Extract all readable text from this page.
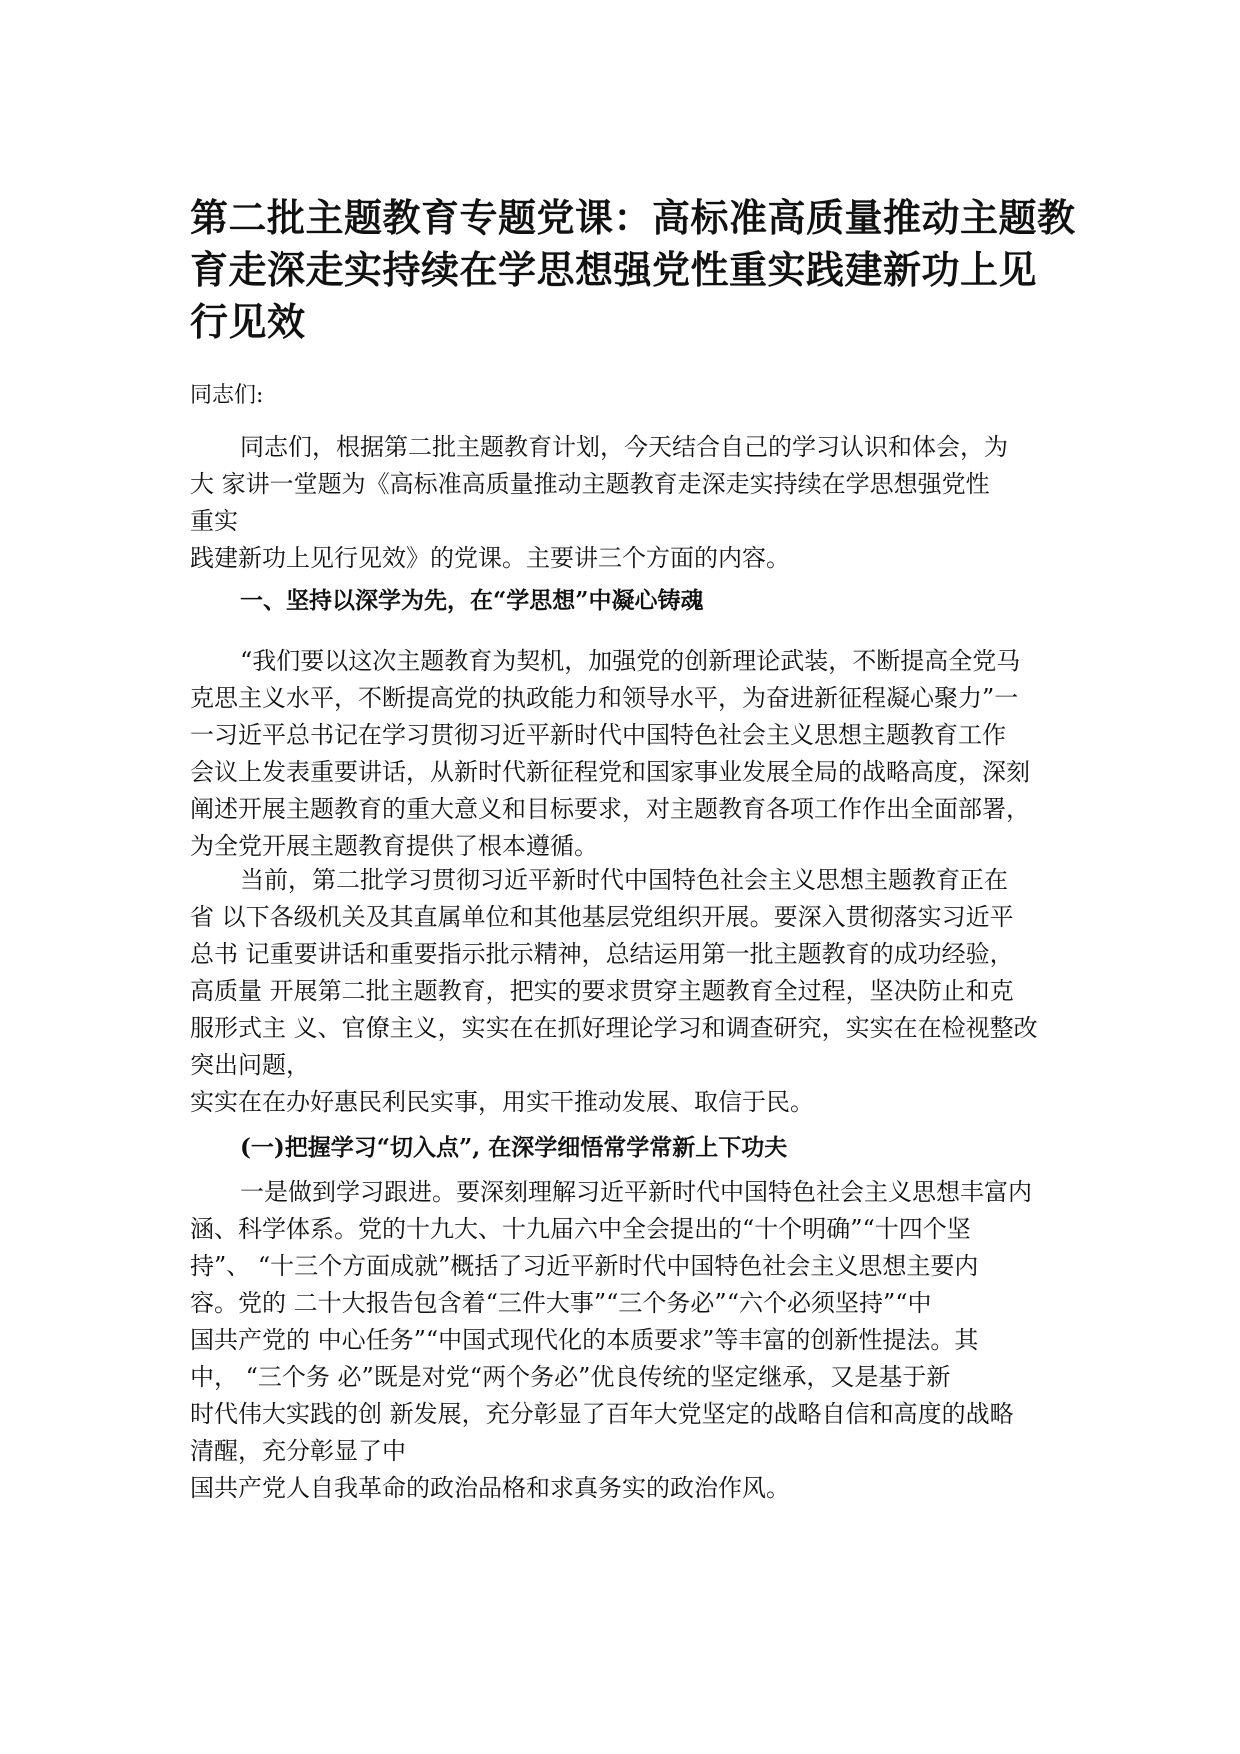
第二批主题教育专题党课：高标准高质量推动主题教
育走深走实持续在学思想强党性重实践建新功上见
行见效

同志们:

同志们，根据第二批主题教育计划，今天结合自己的学习认识和体会，为
大 家讲一堂题为《高标准高质量推动主题教育走深走实持续在学思想强党性
重实
践建新功上见行见效》的党课。主要讲三个方面的内容。

一、坚持以深学为先，在“学思想”中凝心铸魂

“我们要以这次主题教育为契机，加强党的创新理论武装，不断提高全党马
克思主义水平，不断提高党的执政能力和领导水平，为奋进新征程凝心聚力”一
一习近平总书记在学习贯彻习近平新时代中国特色社会主义思想主题教育工作
会议上发表重要讲话，从新时代新征程党和国家事业发展全局的战略高度，深刻
阐述开展主题教育的重大意义和目标要求，对主题教育各项工作作出全面部署，
为全党开展主题教育提供了根本遵循。

当前，第二批学习贯彻习近平新时代中国特色社会主义思想主题教育正在
省 以下各级机关及其直属单位和其他基层党组织开展。要深入贯彻落实习近平
总书 记重要讲话和重要指示批示精神，总结运用第一批主题教育的成功经验，
高质量 开展第二批主题教育，把实的要求贯穿主题教育全过程，坚决防止和克
服形式主 义、官僚主义，实实在在抓好理论学习和调查研究，实实在在检视整改
突出问题，
实实在在办好惠民利民实事，用实干推动发展、取信于民。

(一)把握学习“切入点”, 在深学细悟常学常新上下功夫

一是做到学习跟进。要深刻理解习近平新时代中国特色社会主义思想丰富内
涵、科学体系。党的十九大、十九届六中全会提出的“十个明确”“十四个坚
持”、 “十三个方面成就”概括了习近平新时代中国特色社会主义思想主要内
容。党的 二十大报告包含着“三件大事”“三个务必”“六个必须坚持”“中
国共产党的 中心任务”“中国式现代化的本质要求”等丰富的创新性提法。其
中， “三个务 必”既是对党“两个务必”优良传统的坚定继承，又是基于新
时代伟大实践的创 新发展，充分彰显了百年大党坚定的战略自信和高度的战略
清醒，充分彰显了中
国共产党人自我革命的政治品格和求真务实的政治作风。
